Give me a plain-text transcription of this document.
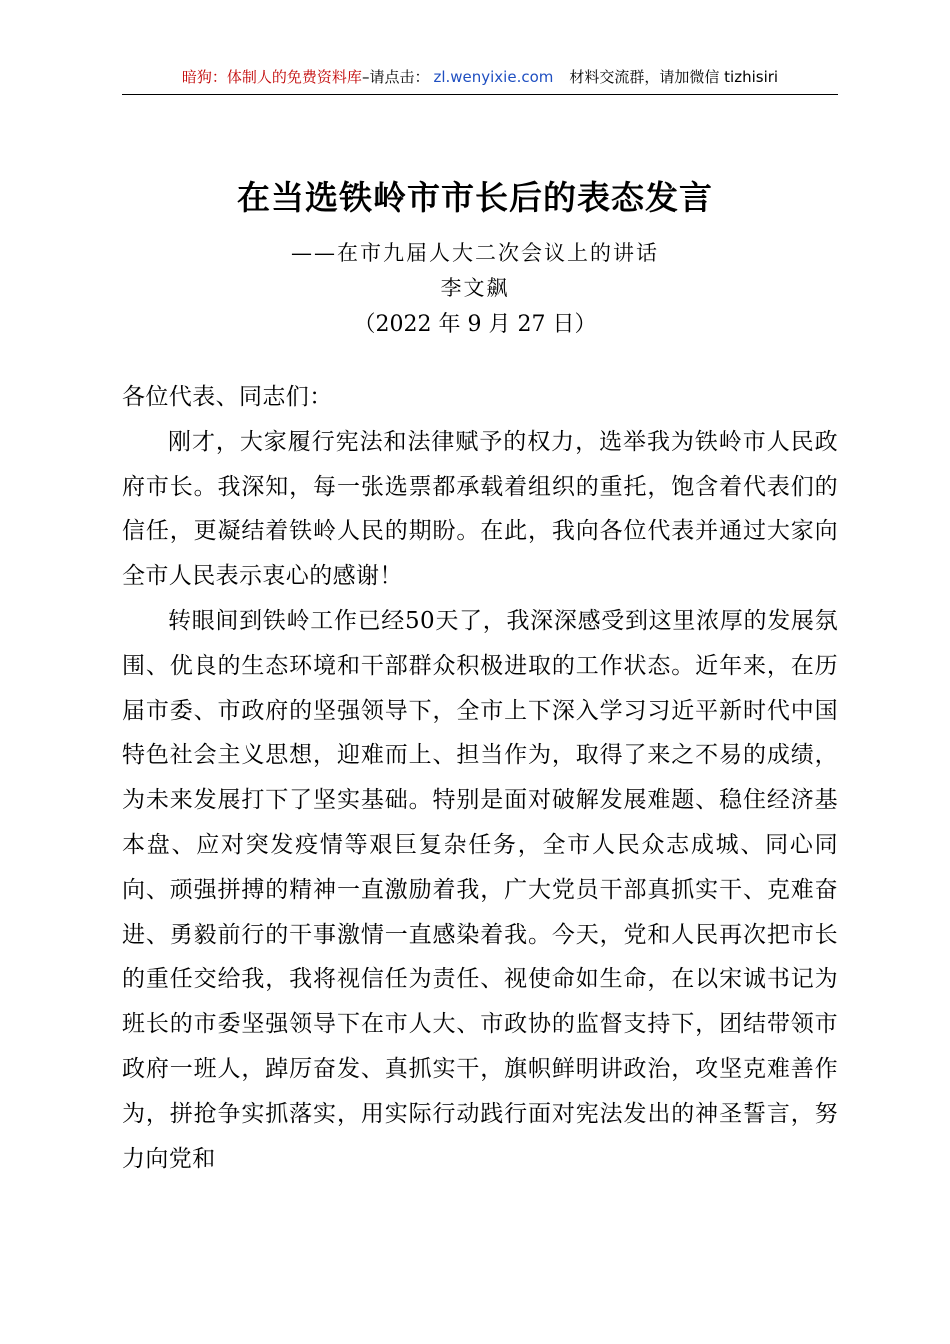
暗狗：体制人的免费资料库–请点击： zl.wenyixie.com 材料交流群，请加微信 tizhisiri
在当选铁岭市市长后的表态发言
——在市九届人大二次会议上的讲话
李文飙
（2022 年 9 月 27 日）

各位代表、同志们：

刚才，大家履行宪法和法律赋予的权力，选举我为铁岭市人民政府市长。我深知，每一张选票都承载着组织的重托，饱含着代表们的信任，更凝结着铁岭人民的期盼。在此，我向各位代表并通过大家向全市人民表示衷心的感谢！

转眼间到铁岭工作已经50天了，我深深感受到这里浓厚的发展氛围、优良的生态环境和干部群众积极进取的工作状态。近年来，在历届市委、市政府的坚强领导下，全市上下深入学习习近平新时代中国特色社会主义思想，迎难而上、担当作为，取得了来之不易的成绩，为未来发展打下了坚实基础。特别是面对破解发展难题、稳住经济基本盘、应对突发疫情等艰巨复杂任务，全市人民众志成城、同心同向、顽强拼搏的精神一直激励着我，广大党员干部真抓实干、克难奋进、勇毅前行的干事激情一直感染着我。今天，党和人民再次把市长的重任交给我，我将视信任为责任、视使命如生命，在以宋诚书记为班长的市委坚强领导下在市人大、市政协的监督支持下，团结带领市政府一班人，踔厉奋发、真抓实干，旗帜鲜明讲政治，攻坚克难善作为，拼抢争实抓落实，用实际行动践行面对宪法发出的神圣誓言，努力向党和
